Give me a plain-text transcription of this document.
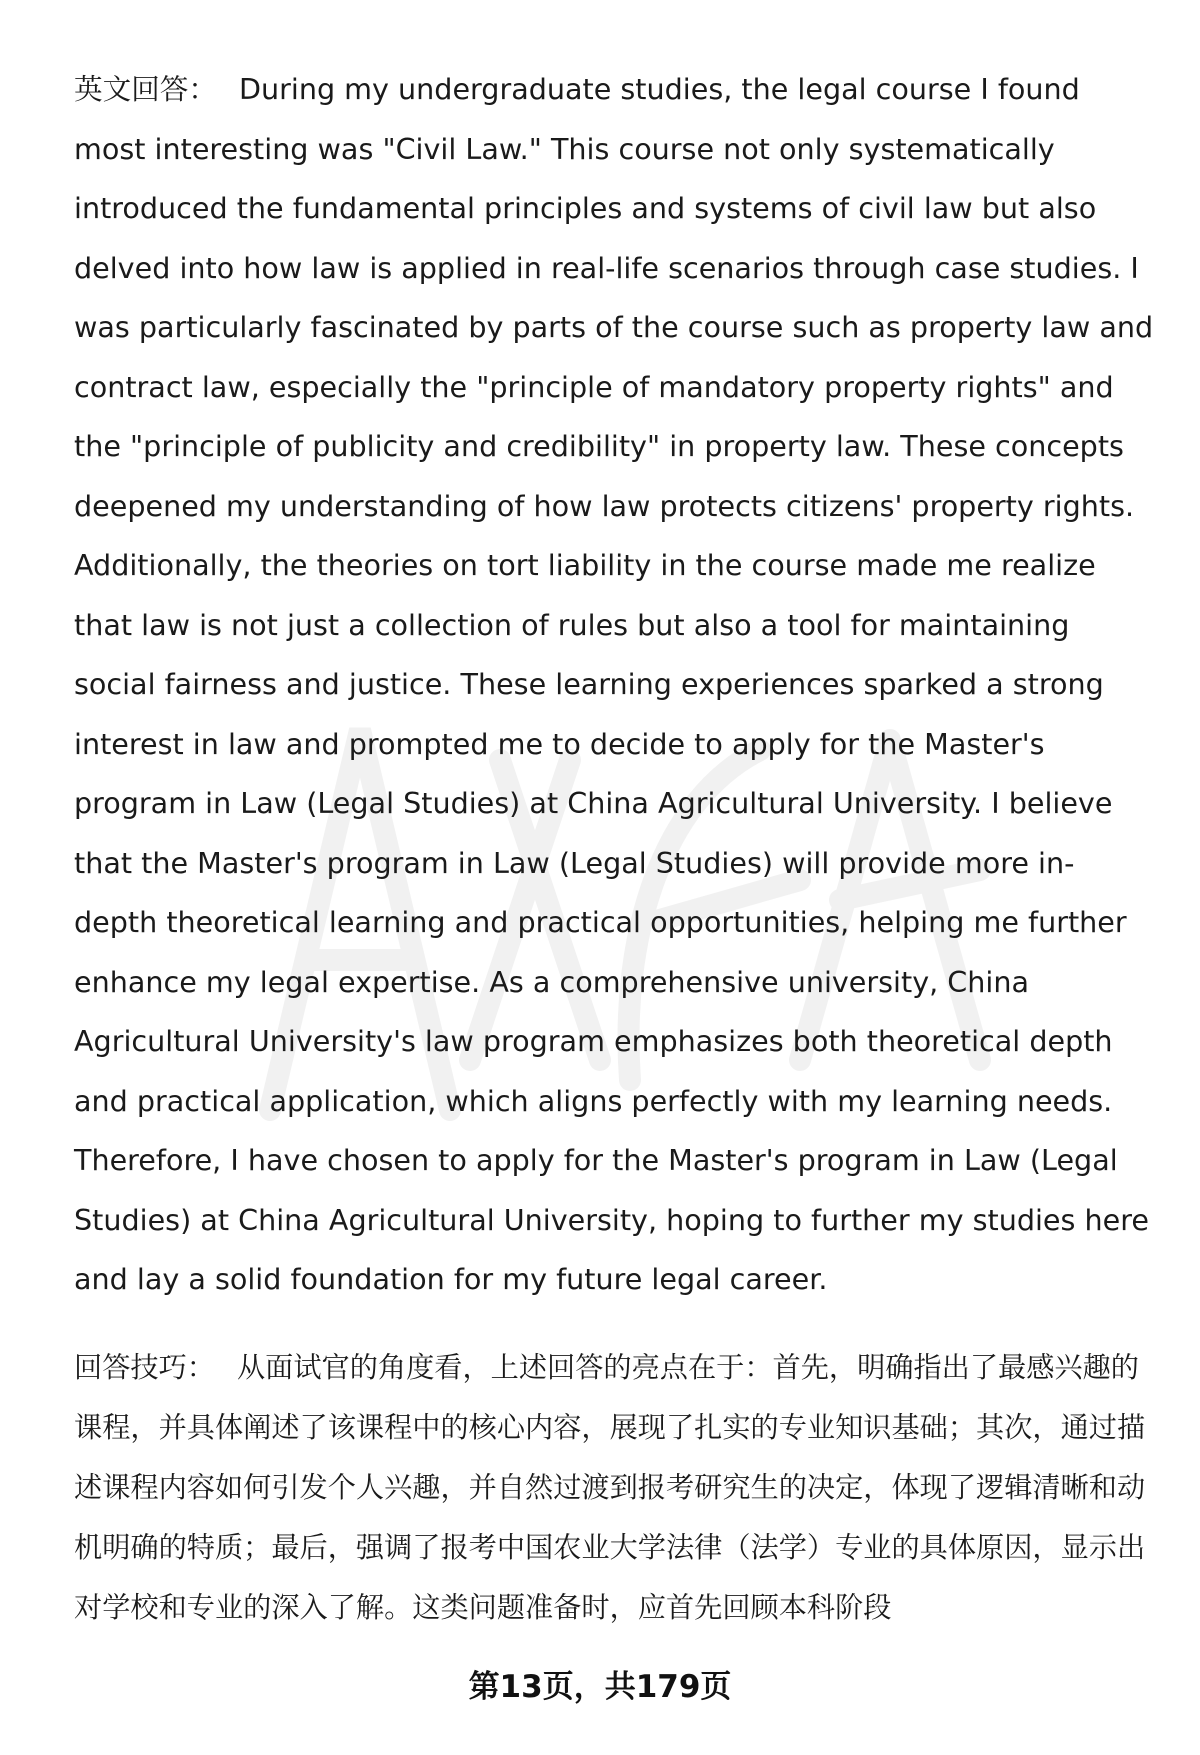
英文回答： During my undergraduate studies, the legal course I found most interesting was "Civil Law." This course not only systematically introduced the fundamental principles and systems of civil law but also delved into how law is applied in real-life scenarios through case studies. I was particularly fascinated by parts of the course such as property law and contract law, especially the "principle of mandatory property rights" and the "principle of publicity and credibility" in property law. These concepts deepened my understanding of how law protects citizens' property rights. Additionally, the theories on tort liability in the course made me realize that law is not just a collection of rules but also a tool for maintaining social fairness and justice. These learning experiences sparked a strong interest in law and prompted me to decide to apply for the Master's program in Law (Legal Studies) at China Agricultural University. I believe that the Master's program in Law (Legal Studies) will provide more in-depth theoretical learning and practical opportunities, helping me further enhance my legal expertise. As a comprehensive university, China Agricultural University's law program emphasizes both theoretical depth and practical application, which aligns perfectly with my learning needs. Therefore, I have chosen to apply for the Master's program in Law (Legal Studies) at China Agricultural University, hoping to further my studies here and lay a solid foundation for my future legal career.

回答技巧： 从面试官的角度看，上述回答的亮点在于：首先，明确指出了最感兴趣的课程，并具体阐述了该课程中的核心内容，展现了扎实的专业知识基础；其次，通过描述课程内容如何引发个人兴趣，并自然过渡到报考研究生的决定，体现了逻辑清晰和动机明确的特质；最后，强调了报考中国农业大学法律（法学）专业的具体原因，显示出对学校和专业的深入了解。这类问题准备时，应首先回顾本科阶段

第13页，共179页
